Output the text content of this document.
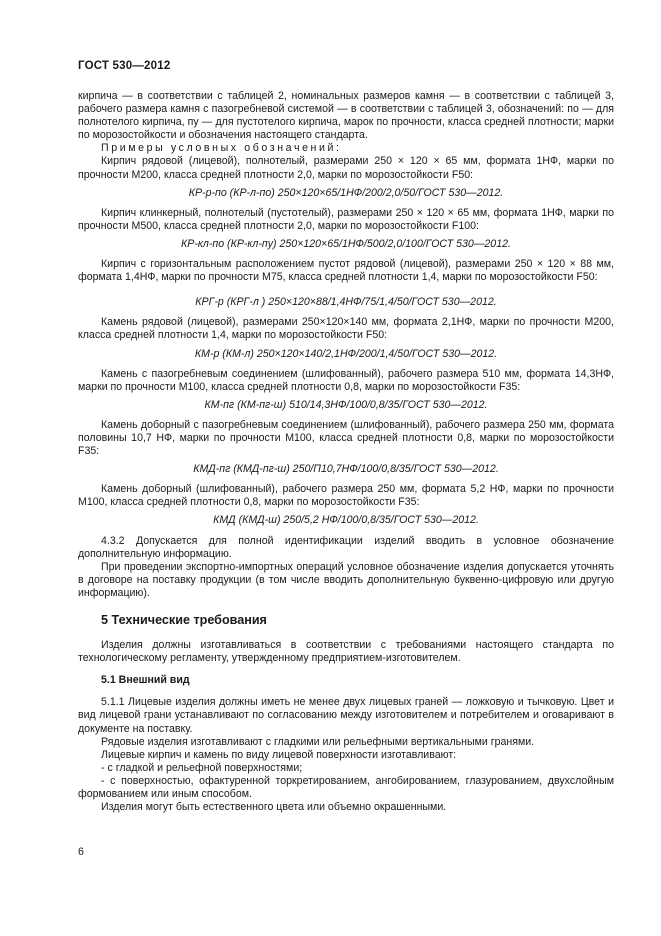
ГОСТ 530—2012

кирпича — в соответствии с таблицей 2, номинальных размеров камня — в соответствии с таблицей 3, рабочего размера камня с пазогребневой системой — в соответствии с таблицей 3, обозначений: по — для полнотелого кирпича, пу — для пустотелого кирпича, марок по прочности, класса средней плотности; марки по морозостойкости и обозначения настоящего стандарта.

Примеры условных обозначений:

Кирпич рядовой (лицевой), полнотелый, размерами 250 × 120 × 65 мм, формата 1НФ, марки по прочности М200, класса средней плотности 2,0, марки по морозостойкости F50:

КР-р-по (КР-л-по) 250×120×65/1НФ/200/2,0/50/ГОСТ 530—2012.

Кирпич клинкерный, полнотелый (пустотелый), размерами 250 × 120 × 65 мм, формата 1НФ, марки по прочности М500, класса средней плотности 2,0, марки по морозостойкости F100:

КР-кл-по (КР-кл-пу) 250×120×65/1НФ/500/2,0/100/ГОСТ 530—2012.

Кирпич с горизонтальным расположением пустот рядовой (лицевой), размерами 250 × 120 × 88 мм, формата 1,4НФ, марки по прочности М75, класса средней плотности 1,4, марки по морозостойкости F50:

КРГ-р (КРГ-л ) 250×120×88/1,4НФ/75/1,4/50/ГОСТ 530—2012.

Камень рядовой (лицевой), размерами 250×120×140 мм, формата 2,1НФ, марки по прочности М200, класса средней плотности 1,4, марки по морозостойкости F50:

КМ-р (КМ-л) 250×120×140/2,1НФ/200/1,4/50/ГОСТ 530—2012.

Камень с пазогребневым соединением (шлифованный), рабочего размера 510 мм, формата 14,3НФ, марки по прочности М100, класса средней плотности 0,8, марки по морозостойкости F35:

КМ-пг (КМ-пг-ш) 510/14,3НФ/100/0,8/35/ГОСТ 530—2012.

Камень доборный с пазогребневым соединением (шлифованный), рабочего размера 250 мм, формата половины 10,7 НФ, марки по прочности М100, класса средней плотности 0,8, марки по морозостойкости F35:

КМД-пг (КМД-пг-ш) 250/П10,7НФ/100/0,8/35/ГОСТ 530—2012.

Камень доборный (шлифованный), рабочего размера 250 мм, формата 5,2 НФ, марки по прочности М100, класса средней плотности 0,8, марки по морозостойкости F35:

КМД (КМД-ш) 250/5,2 НФ/100/0,8/35/ГОСТ 530—2012.

4.3.2 Допускается для полной идентификации изделий вводить в условное обозначение дополнительную информацию.

При проведении экспортно-импортных операций условное обозначение изделия допускается уточнять в договоре на поставку продукции (в том числе вводить дополнительную буквенно-цифровую или другую информацию).

5 Технические требования

Изделия должны изготавливаться в соответствии с требованиями настоящего стандарта по технологическому регламенту, утвержденному предприятием-изготовителем.

5.1 Внешний вид

5.1.1 Лицевые изделия должны иметь не менее двух лицевых граней — ложковую и тычковую. Цвет и вид лицевой грани устанавливают по согласованию между изготовителем и потребителем и оговаривают в документе на поставку.

Рядовые изделия изготавливают с гладкими или рельефными вертикальными гранями.

Лицевые кирпич и камень по виду лицевой поверхности изготавливают:

- с гладкой и рельефной поверхностями;

- с поверхностью, офактуренной торкретированием, ангобированием, глазурованием, двухслойным формованием или иным способом.

Изделия могут быть естественного цвета или объемно окрашенными.

6
